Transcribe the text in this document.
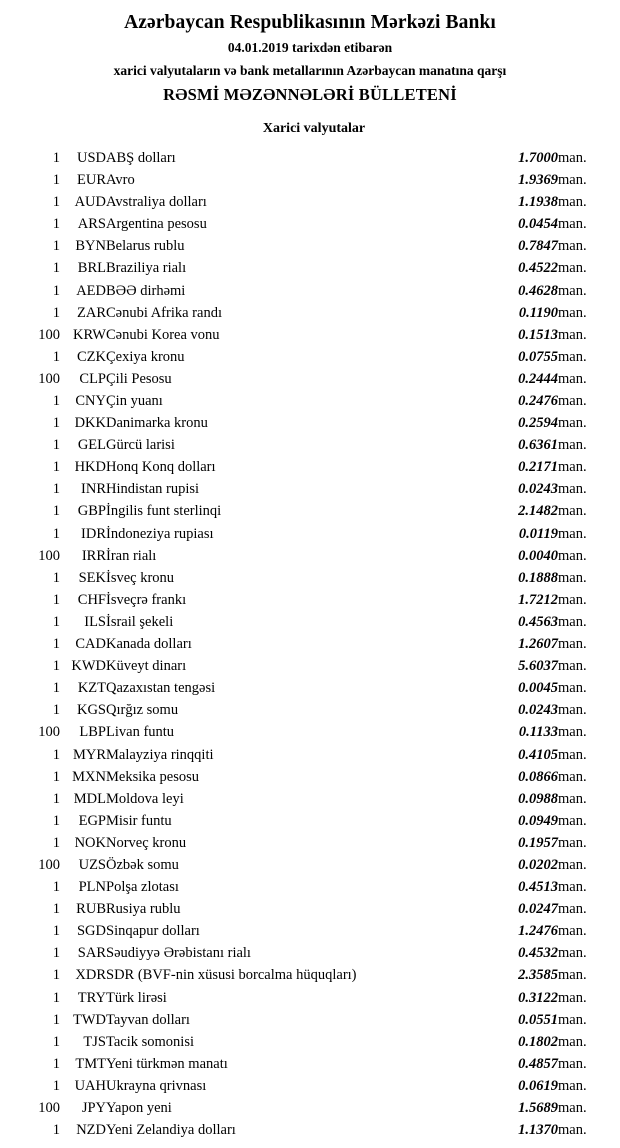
Azərbaycan Respublikasının Mərkəzi Bankı
04.01.2019 tarixdən etibarən
xarici valyutaların və bank metallarının Azərbaycan manatına qarşı
RƏSMİ MƏZƏNNƏLƏRİ BÜLLETENİ
Xarici valyutalar
1	USD	ABŞ dolları	1.7000	man.
1	EUR	Avro	1.9369	man.
1	AUD	Avstraliya dolları	1.1938	man.
1	ARS	Argentina pesosu	0.0454	man.
1	BYN	Belarus rublu	0.7847	man.
1	BRL	Braziliya rialı	0.4522	man.
1	AED	BƏƏ dirhəmi	0.4628	man.
1	ZAR	Cənubi Afrika randı	0.1190	man.
100	KRW	Cənubi Korea vonu	0.1513	man.
1	CZK	Çexiya kronu	0.0755	man.
100	CLP	Çili Pesosu	0.2444	man.
1	CNY	Çin yuanı	0.2476	man.
1	DKK	Danimarka kronu	0.2594	man.
1	GEL	Gürcü larisi	0.6361	man.
1	HKD	Honq Konq dolları	0.2171	man.
1	INR	Hindistan rupisi	0.0243	man.
1	GBP	İngilis funt sterlinqi	2.1482	man.
1	IDR	İndoneziya rupiası	0.0119	man.
100	IRR	İran rialı	0.0040	man.
1	SEK	İsveç kronu	0.1888	man.
1	CHF	İsveçrə frankı	1.7212	man.
1	ILS	İsrail şekeli	0.4563	man.
1	CAD	Kanada dolları	1.2607	man.
1	KWD	Küveyt dinarı	5.6037	man.
1	KZT	Qazaxıstan tengəsi	0.0045	man.
1	KGS	Qırğız somu	0.0243	man.
100	LBP	Livan funtu	0.1133	man.
1	MYR	Malayziya rinqqiti	0.4105	man.
1	MXN	Meksika pesosu	0.0866	man.
1	MDL	Moldova leyi	0.0988	man.
1	EGP	Misir funtu	0.0949	man.
1	NOK	Norveç kronu	0.1957	man.
100	UZS	Özbək somu	0.0202	man.
1	PLN	Polşa zlotası	0.4513	man.
1	RUB	Rusiya rublu	0.0247	man.
1	SGD	Sinqapur dolları	1.2476	man.
1	SAR	Səudiyyə Ərəbistanı rialı	0.4532	man.
1	XDR	SDR (BVF-nin xüsusi borcalma hüquqları)	2.3585	man.
1	TRY	Türk lirəsi	0.3122	man.
1	TWD	Tayvan dolları	0.0551	man.
1	TJS	Tacik somonisi	0.1802	man.
1	TMT	Yeni türkmən manatı	0.4857	man.
1	UAH	Ukrayna qrivnası	0.0619	man.
100	JPY	Yapon yeni	1.5689	man.
1	NZD	Yeni Zelandiya dolları	1.1370	man.
